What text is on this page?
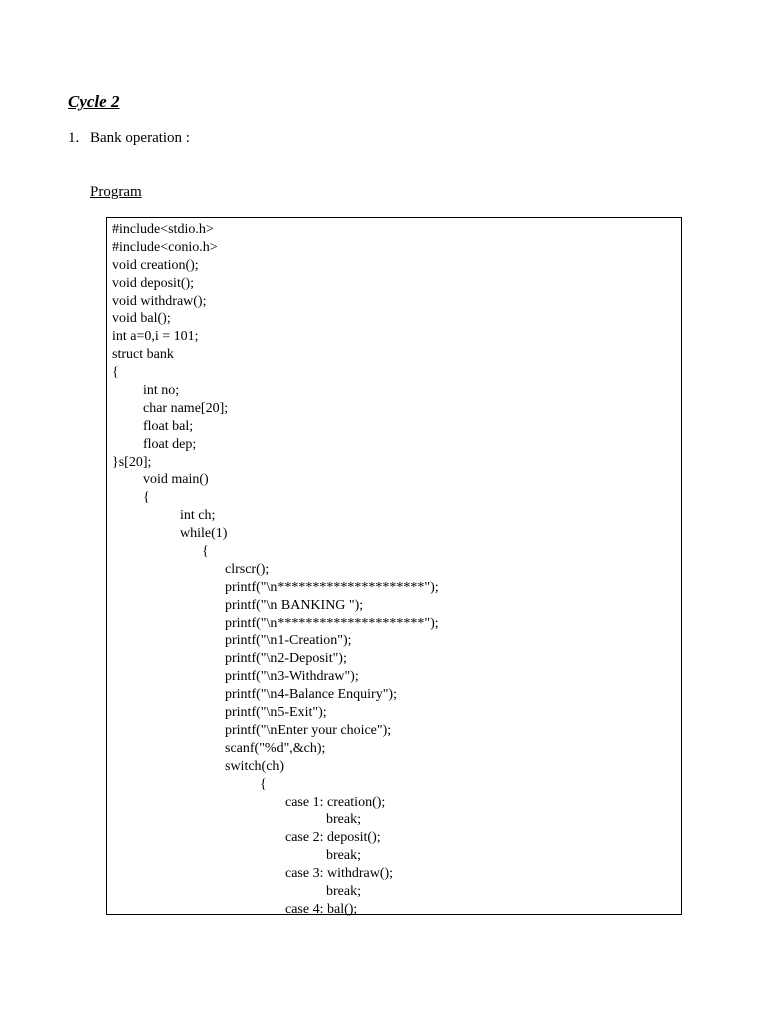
Cycle 2
1. Bank operation :
Program
#include<stdio.h>
#include<conio.h>
void creation();
void deposit();
void withdraw();
void bal();
int a=0,i = 101;
struct bank
{
int no;
char name[20];
float bal;
float dep;
}s[20];
void main()
{
int ch;
while(1)
{
clrscr();
printf("\n*********************");
printf("\n BANKING ");
printf("\n*********************");
printf("\n1-Creation");
printf("\n2-Deposit");
printf("\n3-Withdraw");
printf("\n4-Balance Enquiry");
printf("\n5-Exit");
printf("\nEnter your choice");
scanf("%d",&ch);
switch(ch)
{
case 1: creation();
break;
case 2: deposit();
break;
case 3: withdraw();
break;
case 4: bal();
